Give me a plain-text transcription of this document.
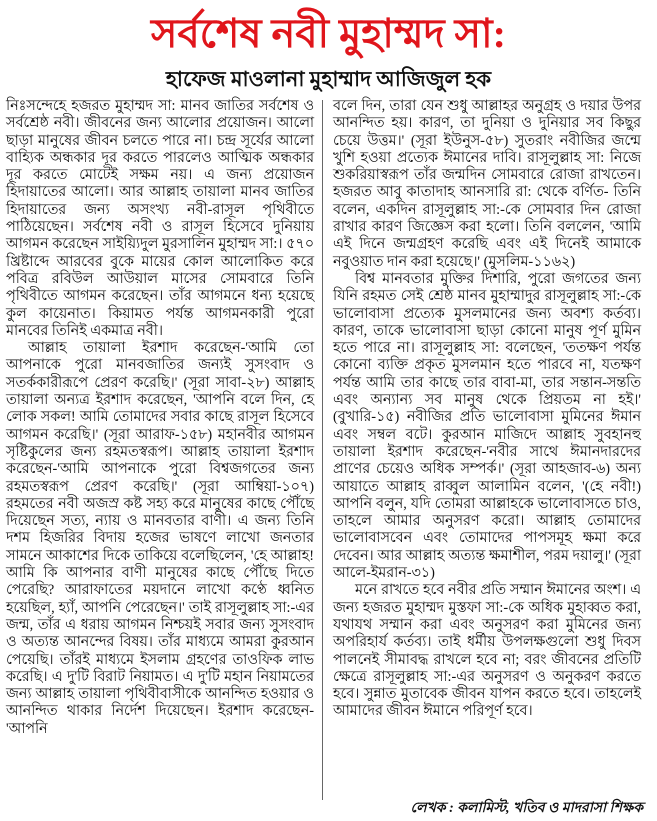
সর্বশেষ নবী মুহাম্মদ সা:
হাফেজ মাওলানা মুহাম্মাদ আজিজুল হক

নিঃসন্দেহে হজরত মুহাম্মদ সা: মানব জাতির সর্বশেষ ও সর্বশ্রেষ্ঠ নবী। জীবনের জন্য আলোর প্রয়োজন। আলো ছাড়া মানুষের জীবন চলতে পারে না। চন্দ্র সূর্যের আলো বাহ্যিক অন্ধকার দূর করতে পারলেও আত্মিক অন্ধকার দূর করতে মোটেই সক্ষম নয়। এ জন্য প্রয়োজন হিদায়াতের আলো। আর আল্লাহ তায়ালা মানব জাতির হিদায়াতের জন্য অসংখ্য নবী-রাসূল পৃথিবীতে পাঠিয়েছেন। সর্বশেষ নবী ও রাসূল হিসেবে দুনিয়ায় আগমন করেছেন সাইয়্যিদুল মুরসালিন মুহাম্মদ সা:। ৫৭০ খ্রিষ্টাব্দে আরবের বুকে মায়ের কোল আলোকিত করে পবিত্র রবিউল আউয়াল মাসের সোমবারে তিনি পৃথিবীতে আগমন করেছেন। তাঁর আগমনে ধন্য হয়েছে কুল কায়েনাত। কিয়ামত পর্যন্ত আগমনকারী পুরো মানবের তিনিই একমাত্র নবী।

আল্লাহ তায়ালা ইরশাদ করেছেন-'আমি তো আপনাকে পুরো মানবজাতির জন্যই সুসংবাদ ও সতর্ককারীরূপে প্রেরণ করেছি।' (সূরা সাবা-২৮) আল্লাহ তায়ালা অন্যত্র ইরশাদ করেছেন, 'আপনি বলে দিন, হে লোক সকল! আমি তোমাদের সবার কাছে রাসূল হিসেবে আগমন করেছি।' (সূরা আরাফ-১৫৮) মহানবীর আগমন সৃষ্টিকুলের জন্য রহমতস্বরূপ। আল্লাহ তায়ালা ইরশাদ করেছেন-'আমি আপনাকে পুরো বিশ্বজগতের জন্য রহমতস্বরূপ প্রেরণ করেছি।' (সূরা আম্বিয়া-১০৭) রহমতের নবী অজস্র কষ্ট সহ্য করে মানুষের কাছে পৌঁছে দিয়েছেন সত্য, ন্যায় ও মানবতার বাণী। এ জন্য তিনি দশম হিজরির বিদায় হজের ভাষণে লাখো জনতার সামনে আকাশের দিকে তাকিয়ে বলেছিলেন, 'হে আল্লাহ! আমি কি আপনার বাণী মানুষের কাছে পৌঁছে দিতে পেরেছি? আরাফাতের ময়দানে লাখো কণ্ঠে ধ্বনিত হয়েছিল, হ্যাঁ, আপনি পেরেছেন।' তাই রাসূলুল্লাহ সা:-এর জন্ম, তাঁর এ ধরায় আগমন নিশ্চয়ই সবার জন্য সুসংবাদ ও অত্যন্ত আনন্দের বিষয়। তাঁর মাধ্যমে আমরা কুরআন পেয়েছি। তাঁরই মাধ্যমে ইসলাম গ্রহণের তাওফিক লাভ করেছি। এ দু'টি বিরাট নিয়ামত। এ দু'টি মহান নিয়ামতের জন্য আল্লাহ তায়ালা পৃথিবীবাসীকে আনন্দিত হওয়ার ও আনন্দিত থাকার নির্দেশ দিয়েছেন। ইরশাদ করেছেন-'আপনি

বলে দিন, তারা যেন শুধু আল্লাহর অনুগ্রহ ও দয়ার উপর আনন্দিত হয়। কারণ, তা দুনিয়া ও দুনিয়ার সব কিছুর চেয়ে উত্তম।' (সূরা ইউনুস-৫৮) সুতরাং নবীজির জন্মে খুশি হওয়া প্রত্যেক ঈমানের দাবি। রাসূলুল্লাহ সা: নিজে শুকরিয়াস্বরূপ তাঁর জন্মদিন সোমবারে রোজা রাখতেন। হজরত আবু কাতাদাহ আনসারি রা: থেকে বর্ণিত- তিনি বলেন, একদিন রাসূলুল্লাহ সা:-কে সোমবার দিন রোজা রাখার কারণ জিজ্ঞেস করা হলো। তিনি বললেন, 'আমি এই দিনে জন্মগ্রহণ করেছি এবং এই দিনেই আমাকে নবুওয়াত দান করা হয়েছে।' (মুসলিম-১১৬২)

বিশ্ব মানবতার মুক্তির দিশারি, পুরো জগতের জন্য যিনি রহমত সেই শ্রেষ্ঠ মানব মুহাম্মাদুর রাসূলুল্লাহ সা:-কে ভালোবাসা প্রত্যেক মুসলমানের জন্য অবশ্য কর্তব্য। কারণ, তাকে ভালোবাসা ছাড়া কোনো মানুষ পূর্ণ মুমিন হতে পারে না। রাসূলুল্লাহ সা: বলেছেন, 'ততক্ষণ পর্যন্ত কোনো ব্যক্তি প্রকৃত মুসলমান হতে পারবে না, যতক্ষণ পর্যন্ত আমি তার কাছে তার বাবা-মা, তার সন্তান-সন্ততি এবং অন্যান্য সব মানুষ থেকে প্রিয়তম না হই।' (বুখারি-১৫) নবীজির প্রতি ভালোবাসা মুমিনের ঈমান এবং সম্বল বটে। কুরআন মাজিদে আল্লাহ সুবহানহু তায়ালা ইরশাদ করেছেন-'নবীর সাথে ঈমানদারদের প্রাণের চেয়েও অধিক সম্পর্ক।' (সূরা আহজাব-৬) অন্য আয়াতে আল্লাহ রাব্বুল আলামিন বলেন, '(হে নবী!) আপনি বলুন, যদি তোমরা আল্লাহকে ভালোবাসতে চাও, তাহলে আমার অনুসরণ করো। আল্লাহ তোমাদের ভালোবাসবেন এবং তোমাদের পাপসমূহ ক্ষমা করে দেবেন। আর আল্লাহ অত্যন্ত ক্ষমাশীল, পরম দয়ালু।' (সূরা আলে-ইমরান-৩১)

মনে রাখতে হবে নবীর প্রতি সম্মান ঈমানের অংশ। এ জন্য হজরত মুহাম্মদ মুস্তফা সা:-কে অধিক মুহাব্বত করা, যথাযথ সম্মান করা এবং অনুসরণ করা মুমিনের জন্য অপরিহার্য কর্তব্য। তাই ধর্মীয় উপলক্ষগুলো শুধু দিবস পালনেই সীমাবদ্ধ রাখলে হবে না; বরং জীবনের প্রতিটি ক্ষেত্রে রাসূলুল্লাহ সা:-এর অনুসরণ ও অনুকরণ করতে হবে। সুন্নাত মুতাবেক জীবন যাপন করতে হবে। তাহলেই আমাদের জীবন ঈমানে পরিপূর্ণ হবে।

লেখক : কলামিস্ট, খতিব ও মাদরাসা শিক্ষক
